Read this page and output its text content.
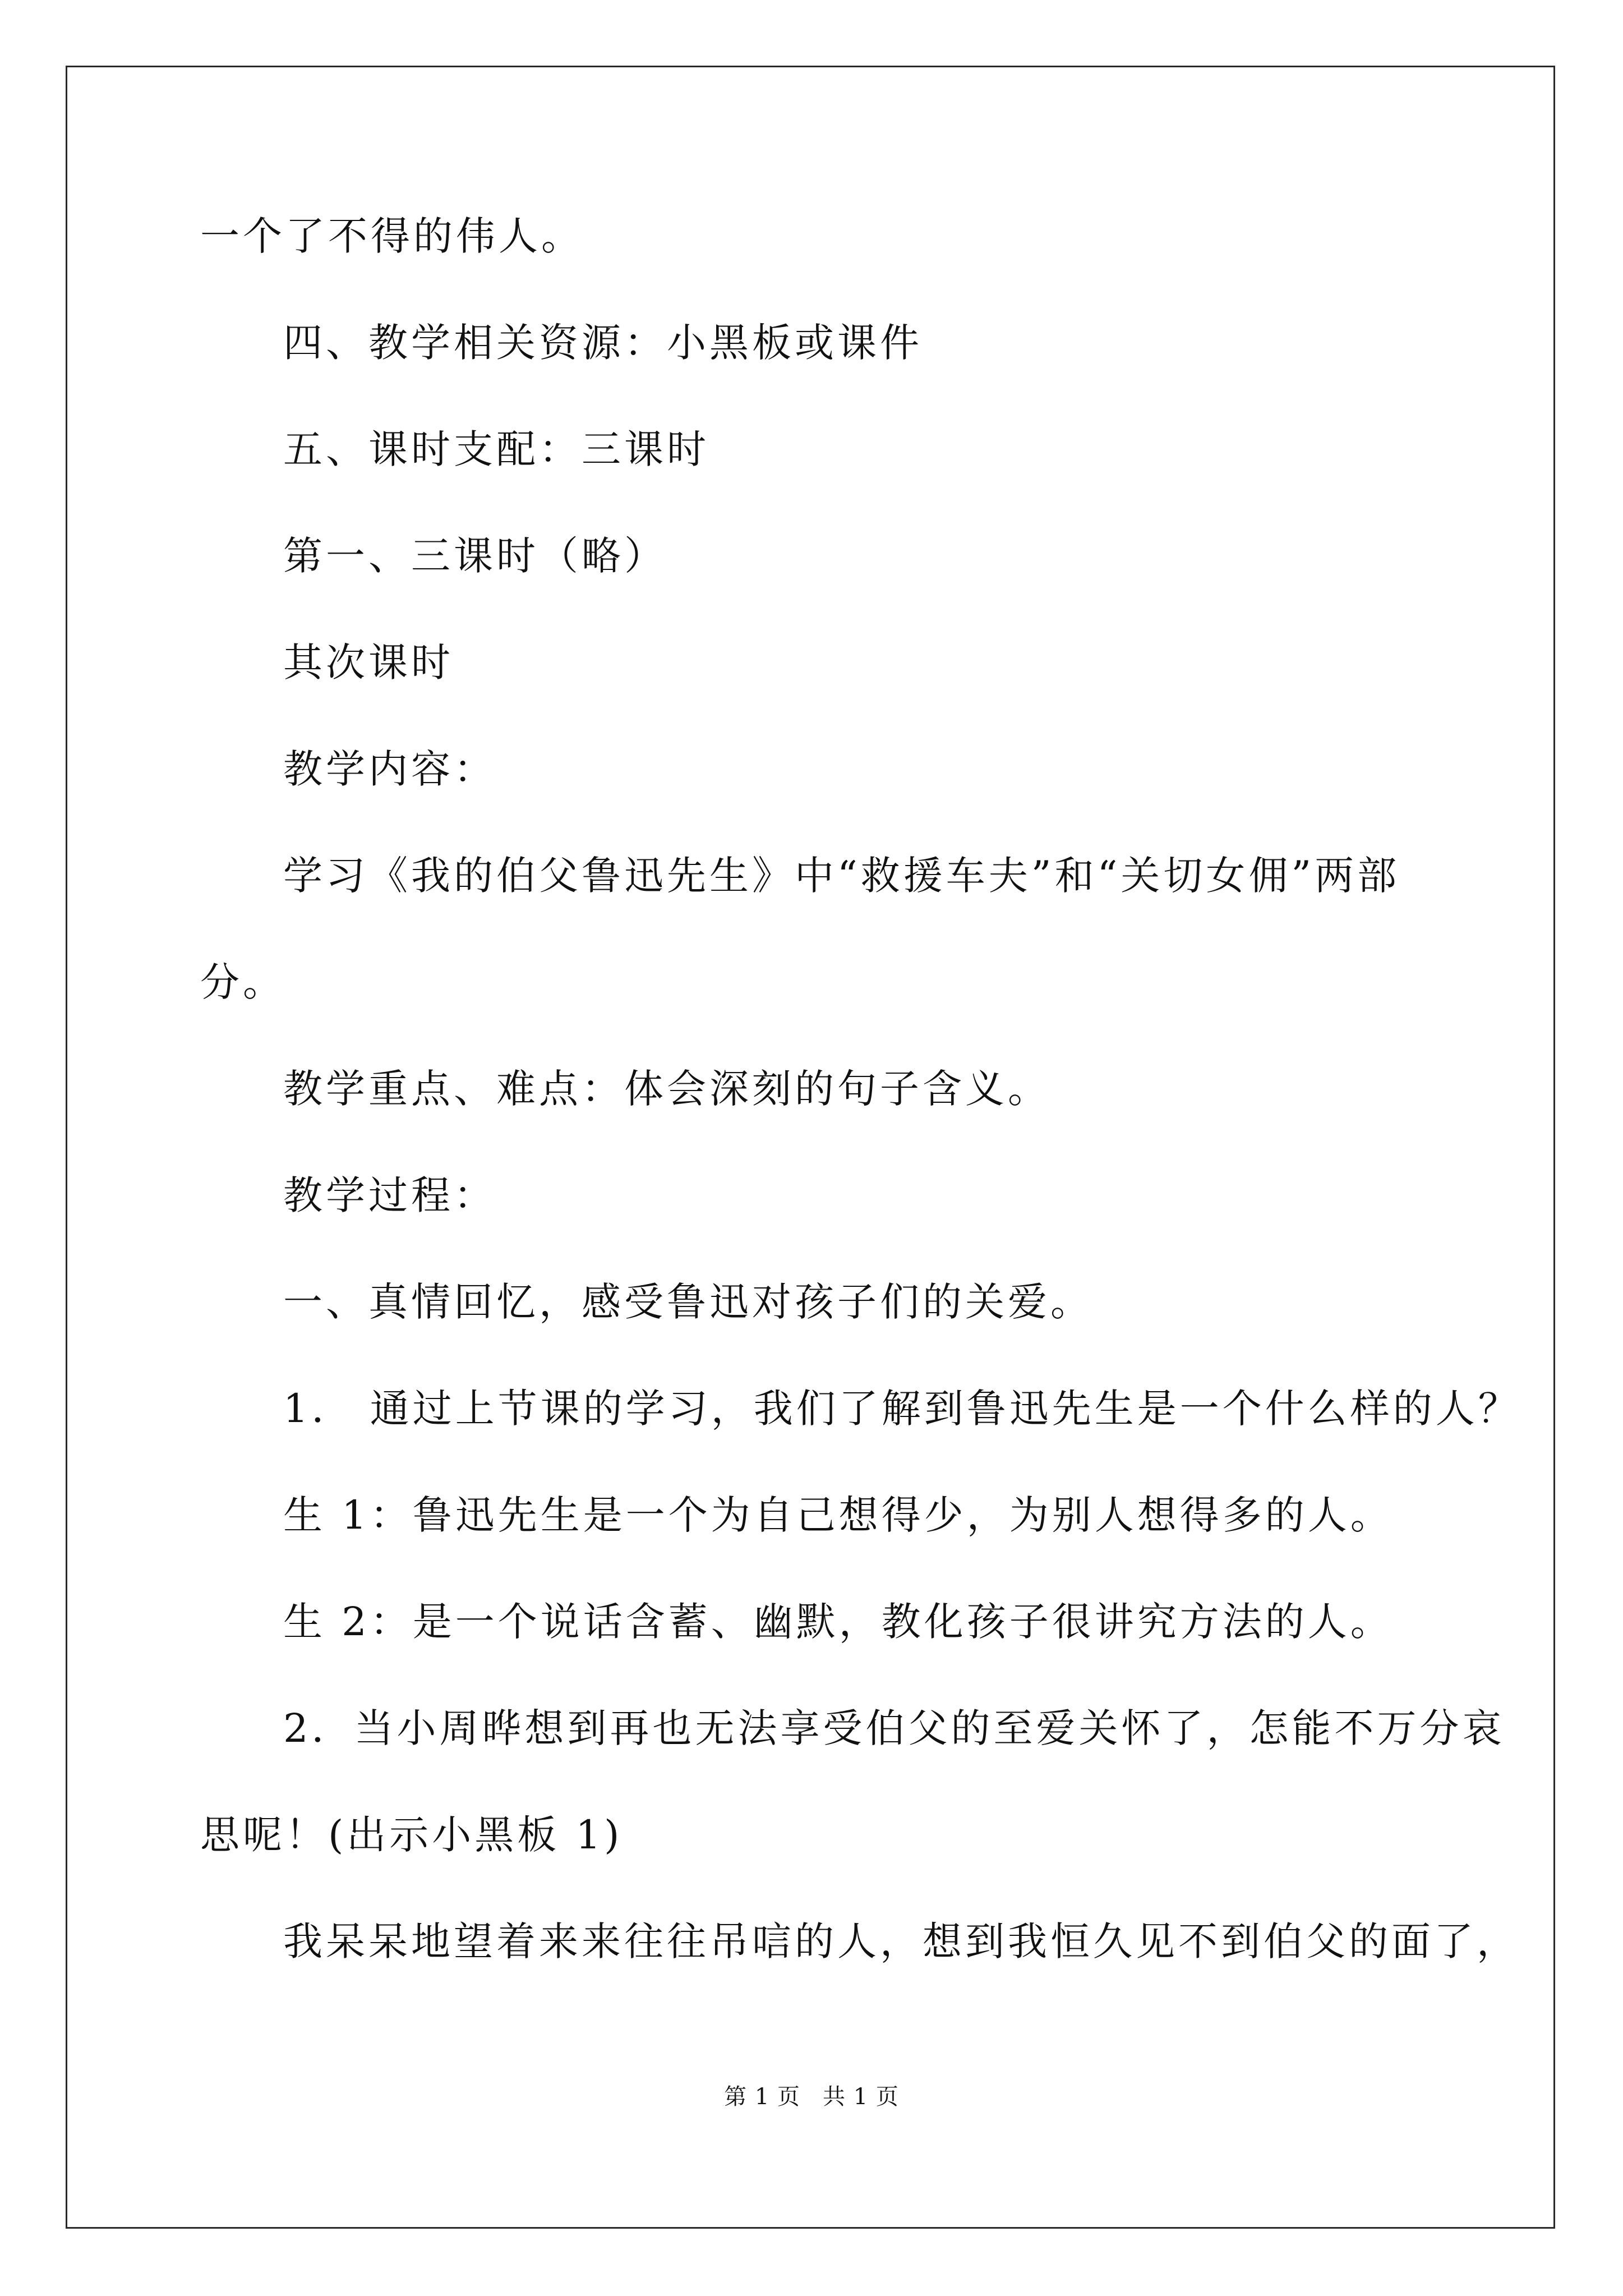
一个了不得的伟人。
四、教学相关资源：小黑板或课件
五、课时支配：三课时
第一、三课时（略）
其次课时
教学内容：
学习《我的伯父鲁迅先生》中“救援车夫”和“关切女佣”两部
分。
教学重点、难点：体会深刻的句子含义。
教学过程：
一、真情回忆，感受鲁迅对孩子们的关爱。
1． 通过上节课的学习，我们了解到鲁迅先生是一个什么样的人？
生 1：鲁迅先生是一个为自己想得少，为别人想得多的人。
生 2：是一个说话含蓄、幽默，教化孩子很讲究方法的人。
2．当小周晔想到再也无法享受伯父的至爱关怀了，怎能不万分哀
思呢！(出示小黑板 1)
我呆呆地望着来来往往吊唁的人，想到我恒久见不到伯父的面了，
第 1 页 共 1 页
